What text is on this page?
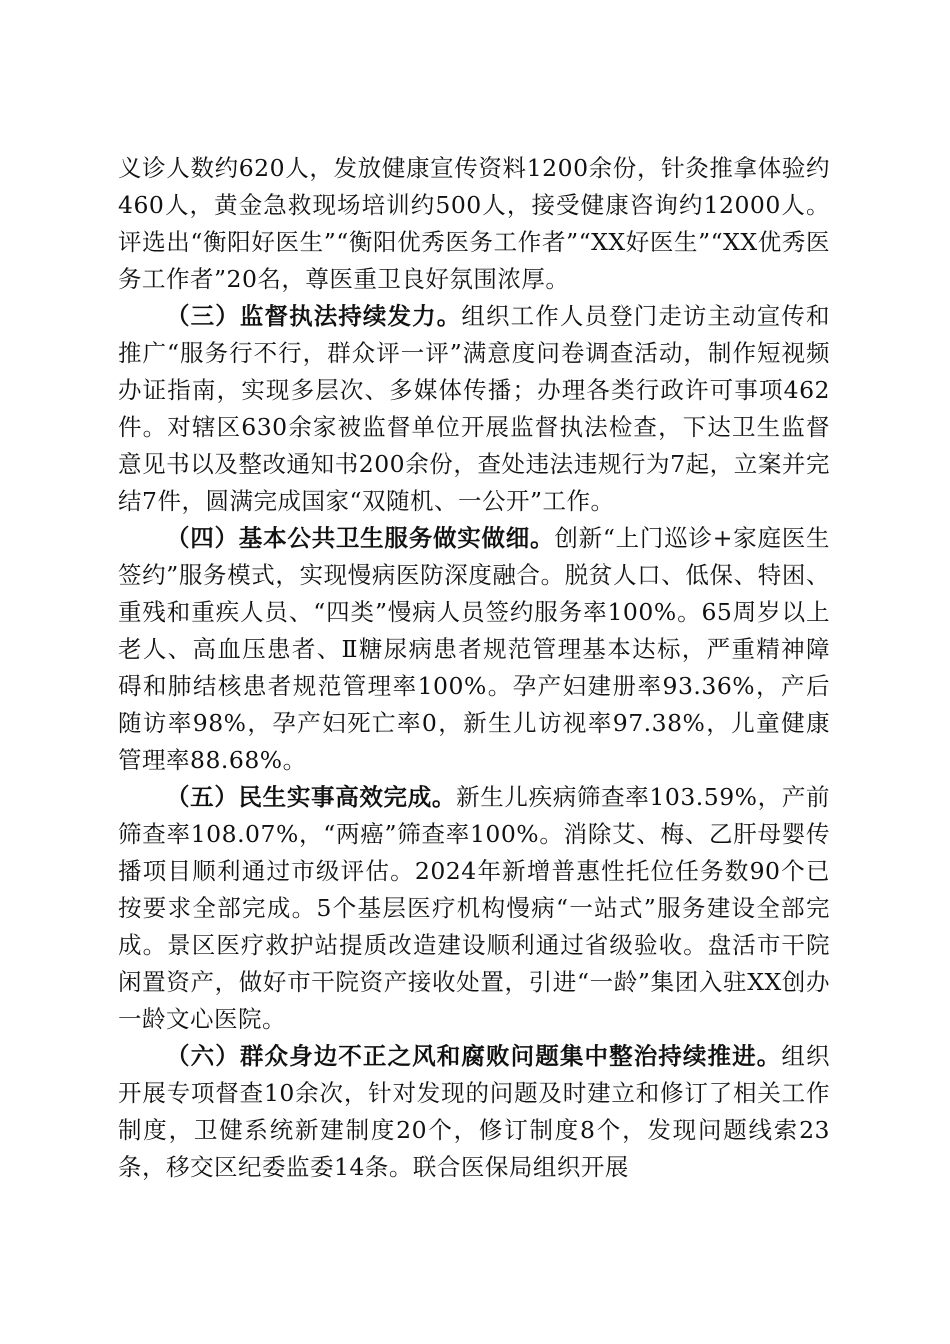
义诊人数约620人，发放健康宣传资料1200余份，针灸推拿体验约460人，黄金急救现场培训约500人，接受健康咨询约12000人。评选出“衡阳好医生”“衡阳优秀医务工作者”“XX好医生”“XX优秀医务工作者”20名，尊医重卫良好氛围浓厚。

（三）监督执法持续发力。组织工作人员登门走访主动宣传和推广“服务行不行，群众评一评”满意度问卷调查活动，制作短视频办证指南，实现多层次、多媒体传播；办理各类行政许可事项462件。对辖区630余家被监督单位开展监督执法检查，下达卫生监督意见书以及整改通知书200余份，查处违法违规行为7起，立案并完结7件，圆满完成国家“双随机、一公开”工作。

（四）基本公共卫生服务做实做细。创新“上门巡诊+家庭医生签约”服务模式，实现慢病医防深度融合。脱贫人口、低保、特困、重残和重疾人员、“四类”慢病人员签约服务率100%。65周岁以上老人、高血压患者、Ⅱ糖尿病患者规范管理基本达标，严重精神障碍和肺结核患者规范管理率100%。孕产妇建册率93.36%，产后随访率98%，孕产妇死亡率0，新生儿访视率97.38%，儿童健康管理率88.68%。

（五）民生实事高效完成。新生儿疾病筛查率103.59%，产前筛查率108.07%，“两癌”筛查率100%。消除艾、梅、乙肝母婴传播项目顺利通过市级评估。2024年新增普惠性托位任务数90个已按要求全部完成。5个基层医疗机构慢病“一站式”服务建设全部完成。景区医疗救护站提质改造建设顺利通过省级验收。盘活市干院闲置资产，做好市干院资产接收处置，引进“一龄”集团入驻XX创办一龄文心医院。

（六）群众身边不正之风和腐败问题集中整治持续推进。组织开展专项督查10余次，针对发现的问题及时建立和修订了相关工作制度，卫健系统新建制度20个，修订制度8个，发现问题线索23条，移交区纪委监委14条。联合医保局组织开展
